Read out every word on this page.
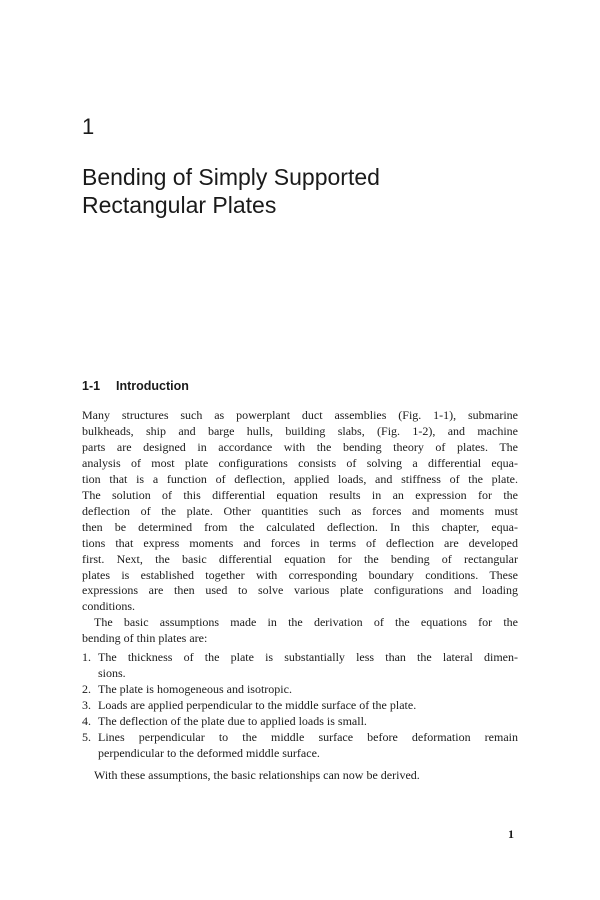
1
Bending of Simply Supported
Rectangular Plates
1-1 Introduction
Many structures such as powerplant duct assemblies (Fig. 1-1), submarine
bulkheads, ship and barge hulls, building slabs, (Fig. 1-2), and machine
parts are designed in accordance with the bending theory of plates. The
analysis of most plate configurations consists of solving a differential equa-
tion that is a function of deflection, applied loads, and stiffness of the plate.
The solution of this differential equation results in an expression for the
deflection of the plate. Other quantities such as forces and moments must
then be determined from the calculated deflection. In this chapter, equa-
tions that express moments and forces in terms of deflection are developed
first. Next, the basic differential equation for the bending of rectangular
plates is established together with corresponding boundary conditions. These
expressions are then used to solve various plate configurations and loading
conditions.
The basic assumptions made in the derivation of the equations for the
bending of thin plates are:
1. The thickness of the plate is substantially less than the lateral dimen-
sions.
2. The plate is homogeneous and isotropic.
3. Loads are applied perpendicular to the middle surface of the plate.
4. The deflection of the plate due to applied loads is small.
5. Lines perpendicular to the middle surface before deformation remain
perpendicular to the deformed middle surface.
With these assumptions, the basic relationships can now be derived.
1
